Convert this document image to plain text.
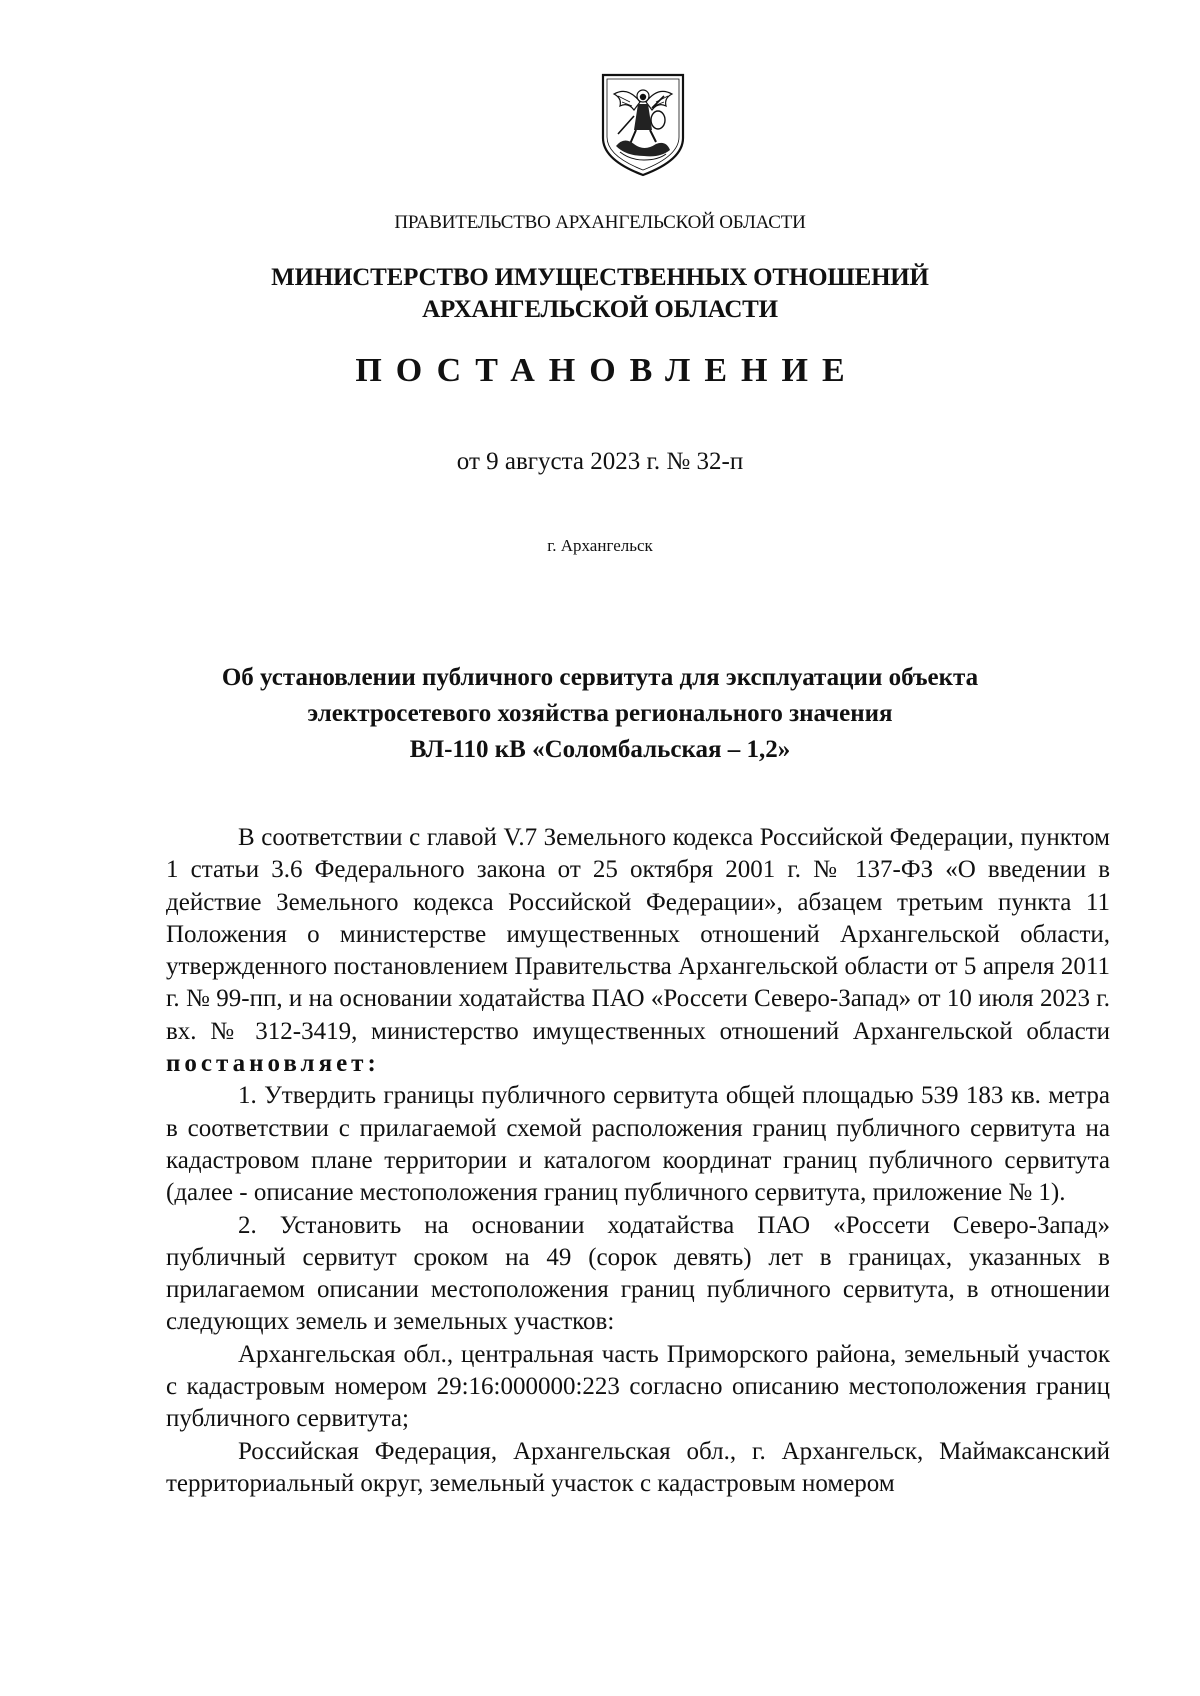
ПРАВИТЕЛЬСТВО АРХАНГЕЛЬСКОЙ ОБЛАСТИ
МИНИСТЕРСТВО ИМУЩЕСТВЕННЫХ ОТНОШЕНИЙ
АРХАНГЕЛЬСКОЙ ОБЛАСТИ
ПОСТАНОВЛЕНИЕ
от 9 августа 2023 г. № 32-п
г. Архангельск
Об установлении публичного сервитута для эксплуатации объекта
электросетевого хозяйства регионального значения
ВЛ-110 кВ «Соломбальская – 1,2»

В соответствии с главой V.7 Земельного кодекса Российской Федерации, пунктом 1 статьи 3.6 Федерального закона от 25 октября 2001 г. № 137-ФЗ «О введении в действие Земельного кодекса Российской Федерации», абзацем третьим пункта 11 Положения о министерстве имущественных отношений Архангельской области, утвержденного постановлением Правительства Архангельской области от 5 апреля 2011 г. № 99-пп, и на основании ходатайства ПАО «Россети Северо-Запад» от 10 июля 2023 г. вх. № 312-3419, министерство имущественных отношений Архангельской области постановляет:

1. Утвердить границы публичного сервитута общей площадью 539 183 кв. метра в соответствии с прилагаемой схемой расположения границ публичного сервитута на кадастровом плане территории и каталогом координат границ публичного сервитута (далее - описание местоположения границ публичного сервитута, приложение № 1).

2. Установить на основании ходатайства ПАО «Россети Северо-Запад» публичный сервитут сроком на 49 (сорок девять) лет в границах, указанных в прилагаемом описании местоположения границ публичного сервитута, в отношении следующих земель и земельных участков:

Архангельская обл., центральная часть Приморского района, земельный участок с кадастровым номером 29:16:000000:223 согласно описанию местоположения границ публичного сервитута;

Российская Федерация, Архангельская обл., г. Архангельск, Маймаксанский территориальный округ, земельный участок с кадастровым номером
